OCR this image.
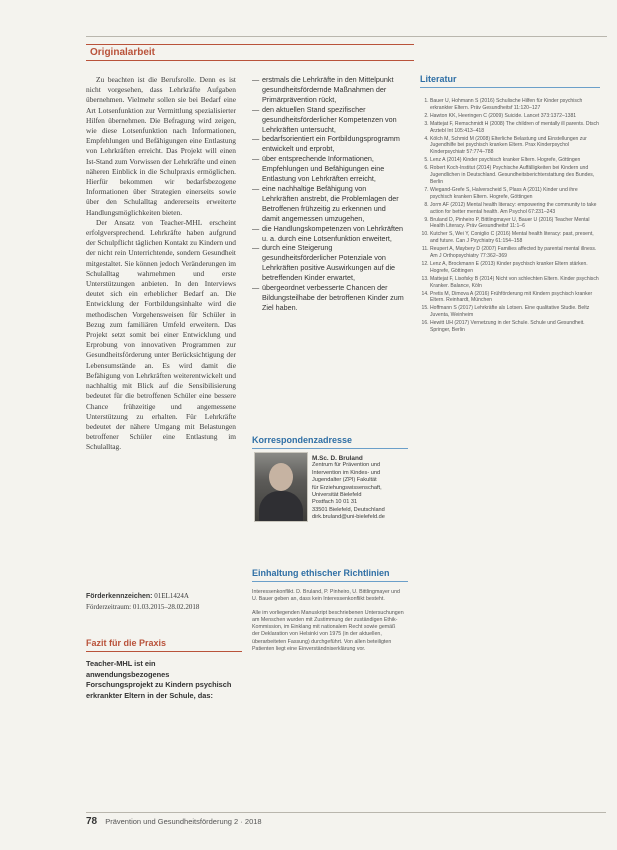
Originalarbeit

Zu beachten ist die Berufsrolle. Denn es ist nicht vorgesehen, dass Lehrkräfte Aufgaben übernehmen. Vielmehr sollen sie bei Bedarf eine Art Lotsenfunktion zur Vermittlung spezialisierter Hilfen übernehmen. Die Befragung wird zeigen, wie diese Lotsenfunktion nach Informationen, Empfehlungen und Befähigungen eine Entlastung von Lehrkräften erreicht. Das Projekt will einen Ist-Stand zum Vorwissen der Lehrkräfte und einen näheren Einblick in die Schulpraxis ermöglichen. Hierfür bekommen wir bedarfsbezogene Informationen über Strategien einerseits sowie über den Schulalltag andererseits erweiterte Handlungsmöglichkeiten bieten.

Der Ansatz von Teacher-MHL erscheint erfolgversprechend. Lehrkräfte haben aufgrund der Schulpflicht täglichen Kontakt zu Kindern und der nicht rein Unterrichtende, sondern Gesundheit mitgestaltet. Sie können jedoch Veränderungen im Schulalltag wahrnehmen und erste Unterstützungen anbieten. In den Interviews deutet sich ein erheblicher Bedarf an. Die Entwicklung der Fortbildungsinhalte wird die methodischen Vorgehensweisen für Schüler in Bezug zum familiären Umfeld erweitern. Das Projekt setzt somit bei einer Entwicklung und Erprobung von innovativen Programmen zur Gesundheitsförderung unter Berücksichtigung der Lebensumstände an. Es wird damit die Befähigung von Lehrkräften weiterentwickelt und nachhaltig mit Blick auf die Sensibilisierung bedeutet für die betroffenen Schüler eine bessere Chance frühzeitige und angemessene Unterstützung zu erhalten. Für Lehrkräfte bedeutet der nähere Umgang mit Belastungen betroffener Schüler eine Entlastung im Schulalltag.

Förderkennzeichen: 01EL1424A
Förderzeitraum: 01.03.2015–28.02.2018
Fazit für die Praxis
Teacher-MHL ist ein anwendungsbezogenes Forschungsprojekt zu Kindern psychisch erkrankter Eltern in der Schule, das:
— erstmals die Lehrkräfte in den Mittelpunkt gesundheitsfördernde Maßnahmen der Primärprävention rückt,
— den aktuellen Stand spezifischer gesundheitsförderlicher Kompetenzen von Lehrkräften untersucht,
— bedarfsorientiert ein Fortbildungsprogramm entwickelt und erprobt,
— über entsprechende Informationen, Empfehlungen und Befähigungen eine Entlastung von Lehrkräften erreicht,
— eine nachhaltige Befähigung von Lehrkräften anstrebt, die Problemlagen der Betroffenen frühzeitig zu erkennen und damit angemessen umzugehen,
— die Handlungskompetenzen von Lehrkräften u. a. durch eine Lotsenfunktion erweitert,
— durch eine Steigerung gesundheitsförderlicher Potenziale von Lehrkräften positive Auswirkungen auf die betreffenden Kinder erwartet,
— übergeordnet verbesserte Chancen der Bildungsteilhabe der betroffenen Kinder zum Ziel haben.
Korrespondenzadresse
M.Sc. D. Bruland
Zentrum für Prävention und
Intervention im Kindes- und
Jugendalter (ZPI) Fakultät
für Erziehungswissenschaft,
Universität Bielefeld
Postfach 10 01 31
33501 Bielefeld, Deutschland
dirk.bruland@uni-bielefeld.de
Einhaltung ethischer Richtlinien

Interessenkonflikt. D. Bruland, P. Pinheiro, U. Bittlingmayer und U. Bauer geben an, dass kein Interessenkonflikt besteht.

Alle im vorliegenden Manuskript beschriebenen Untersuchungen am Menschen wurden mit Zustimmung der zuständigen Ethik-Kommission, im Einklang mit nationalem Recht sowie gemäß der Deklaration von Helsinki von 1975 (in der aktuellen, überarbeiteten Fassung) durchgeführt. Von allen beteiligten Patienten liegt eine Einverständniserklärung vor.

Literatur
1. Bauer U, Hohmann S (2016) Schulische Hilfen für Kinder psychisch erkrankter Eltern. Präv Gesundheitsf 11:120–127
2. Hawton KK, Heeringen C (2009) Suicide. Lancet 373:1372–1381
3. Mattejat F, Remschmidt H (2008) The children of mentally ill parents. Dtsch Arztebl Int 105:413–418
4. Kölch M, Schmid M (2008) Elterliche Belastung und Einstellungen zur Jugendhilfe bei psychisch kranken Eltern. Prax Kinderpsychol Kinderpsychiatr 57:774–788
5. Lenz A (2014) Kinder psychisch kranker Eltern. Hogrefe, Göttingen
6. Robert Koch-Institut (2014) Psychische Auffälligkeiten bei Kindern und Jugendlichen in Deutschland. Gesundheitsberichterstattung des Bundes, Berlin
7. Wiegand-Grefe S, Halverscheid S, Plass A (2011) Kinder und ihre psychisch kranken Eltern. Hogrefe, Göttingen
8. Jorm AF (2012) Mental health literacy: empowering the community to take action for better mental health. Am Psychol 67:231–243
9. Bruland D, Pinheiro P, Bittlingmayer U, Bauer U (2016) Teacher Mental Health Literacy. Präv Gesundheitsf 11:1–6
10. Kutcher S, Wei Y, Coniglio C (2016) Mental health literacy: past, present, and future. Can J Psychiatry 61:154–158
11. Reupert A, Maybery D (2007) Families affected by parental mental illness. Am J Orthopsychiatry 77:362–369
12. Lenz A, Brockmann E (2013) Kinder psychisch kranker Eltern stärken. Hogrefe, Göttingen
13. Mattejat F, Lisofsky B (2014) Nicht von schlechten Eltern. Kinder psychisch Kranker. Balance, Köln
14. Pretis M, Dimova A (2016) Frühförderung mit Kindern psychisch kranker Eltern. Reinhardt, München
15. Hoffmann S (2017) Lehrkräfte als Lotsen. Eine qualitative Studie. Beltz Juventa, Weinheim
16. Hewitt UH (2017) Vernetzung in der Schule. Schule und Gesundheit. Springer, Berlin
78 Prävention und Gesundheitsförderung 2 · 2018
